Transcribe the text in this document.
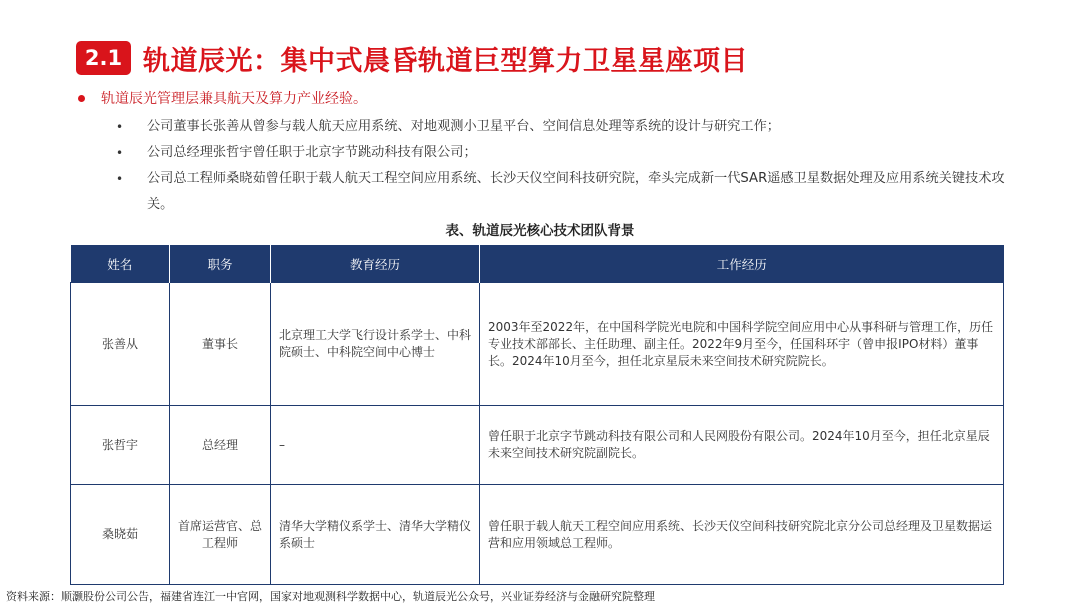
2.1 轨道辰光：集中式晨昏轨道巨型算力卫星星座项目
轨道辰光管理层兼具航天及算力产业经验。
•	公司董事长张善从曾参与载人航天应用系统、对地观测小卫星平台、空间信息处理等系统的设计与研究工作；
•	公司总经理张哲宇曾任职于北京字节跳动科技有限公司；
•	公司总工程师桑晓茹曾任职于载人航天工程空间应用系统、长沙天仪空间科技研究院，牵头完成新一代SAR遥感卫星数据处理及应用系统关键技术攻关。
表、轨道辰光核心技术团队背景
姓名	职务	教育经历	工作经历
张善从	董事长	北京理工大学飞行设计系学士、中科院硕士、中科院空间中心博士	2003年至2022年，在中国科学院光电院和中国科学院空间应用中心从事科研与管理工作，历任专业技术部部长、主任助理、副主任。2022年9月至今，任国科环宇（曾申报IPO材料）董事长。2024年10月至今，担任北京星辰未来空间技术研究院院长。
张哲宇	总经理	–	曾任职于北京字节跳动科技有限公司和人民网股份有限公司。2024年10月至今，担任北京星辰未来空间技术研究院副院长。
桑晓茹	首席运营官、总工程师	清华大学精仪系学士、清华大学精仪系硕士	曾任职于载人航天工程空间应用系统、长沙天仪空间科技研究院北京分公司总经理及卫星数据运营和应用领域总工程师。
资料来源：顺灏股份公司公告，福建省连江一中官网，国家对地观测科学数据中心，轨道辰光公众号，兴业证券经济与金融研究院整理
